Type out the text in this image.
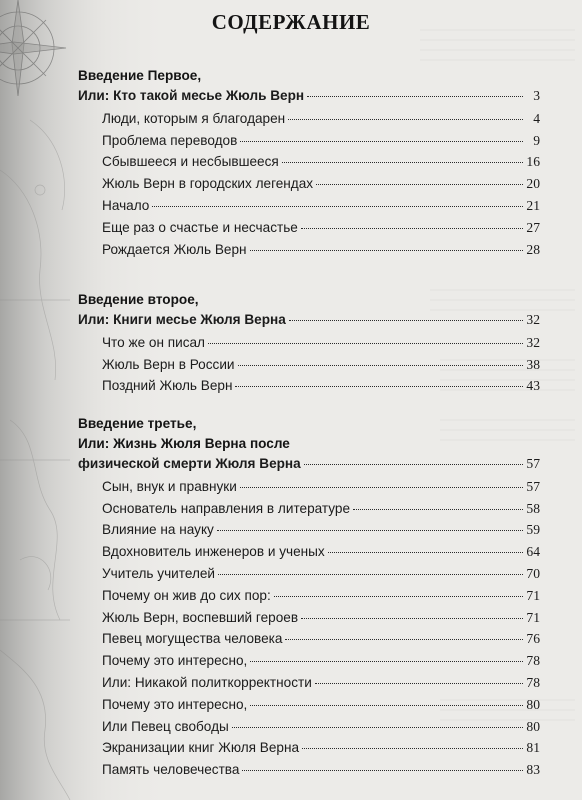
СОДЕРЖАНИЕ
Введение Первое,
Или: Кто такой месье Жюль Верн	3
Люди, которым я благодарен	4
Проблема переводов	9
Сбывшееся и несбывшееся	16
Жюль Верн в городских легендах	20
Начало	21
Еще раз о счастье и несчастье	27
Рождается Жюль Верн	28
Введение второе,
Или: Книги месье Жюля Верна	32
Что же он писал	32
Жюль Верн в России	38
Поздний Жюль Верн	43
Введение третье,
Или: Жизнь Жюля Верна после
физической смерти Жюля Верна	57
Сын, внук и правнуки	57
Основатель направления в литературе	58
Влияние на науку	59
Вдохновитель инженеров и ученых	64
Учитель учителей	70
Почему он жив до сих пор:	71
Жюль Верн, воспевший героев	71
Певец могущества человека	76
Почему это интересно,	78
Или: Никакой политкорректности	78
Почему это интересно,	80
Или Певец свободы	80
Экранизации книг Жюля Верна	81
Память человечества	83
